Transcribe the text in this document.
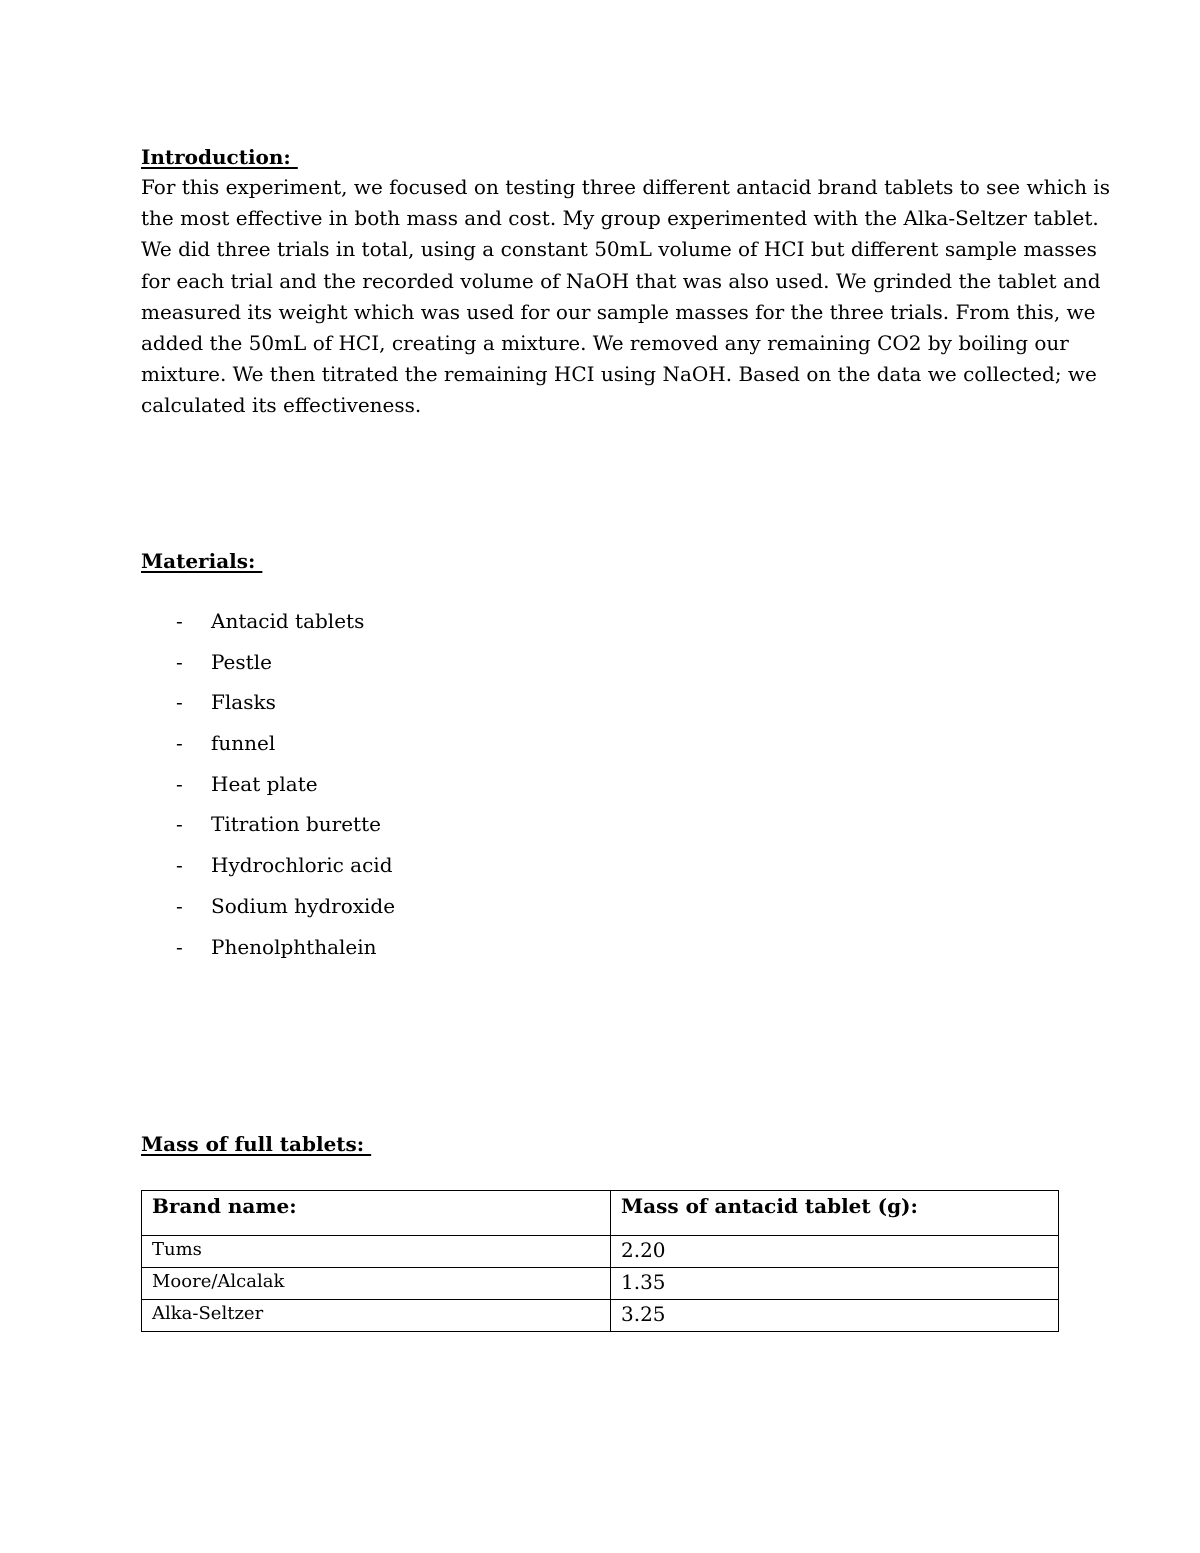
Introduction:

For this experiment, we focused on testing three different antacid brand tablets to see which is
the most effective in both mass and cost. My group experimented with the Alka-Seltzer tablet.
We did three trials in total, using a constant 50mL volume of HCI but different sample masses
for each trial and the recorded volume of NaOH that was also used. We grinded the tablet and
measured its weight which was used for our sample masses for the three trials. From this, we
added the 50mL of HCI, creating a mixture. We removed any remaining CO2 by boiling our
mixture. We then titrated the remaining HCI using NaOH. Based on the data we collected; we
calculated its effectiveness.

Materials:
- Antacid tablets
- Pestle
- Flasks
- funnel
- Heat plate
- Titration burette
- Hydrochloric acid
- Sodium hydroxide
- Phenolphthalein
Mass of full tablets:
Brand name:	Mass of antacid tablet (g):
Tums	2.20
Moore/Alcalak	1.35
Alka-Seltzer	3.25
